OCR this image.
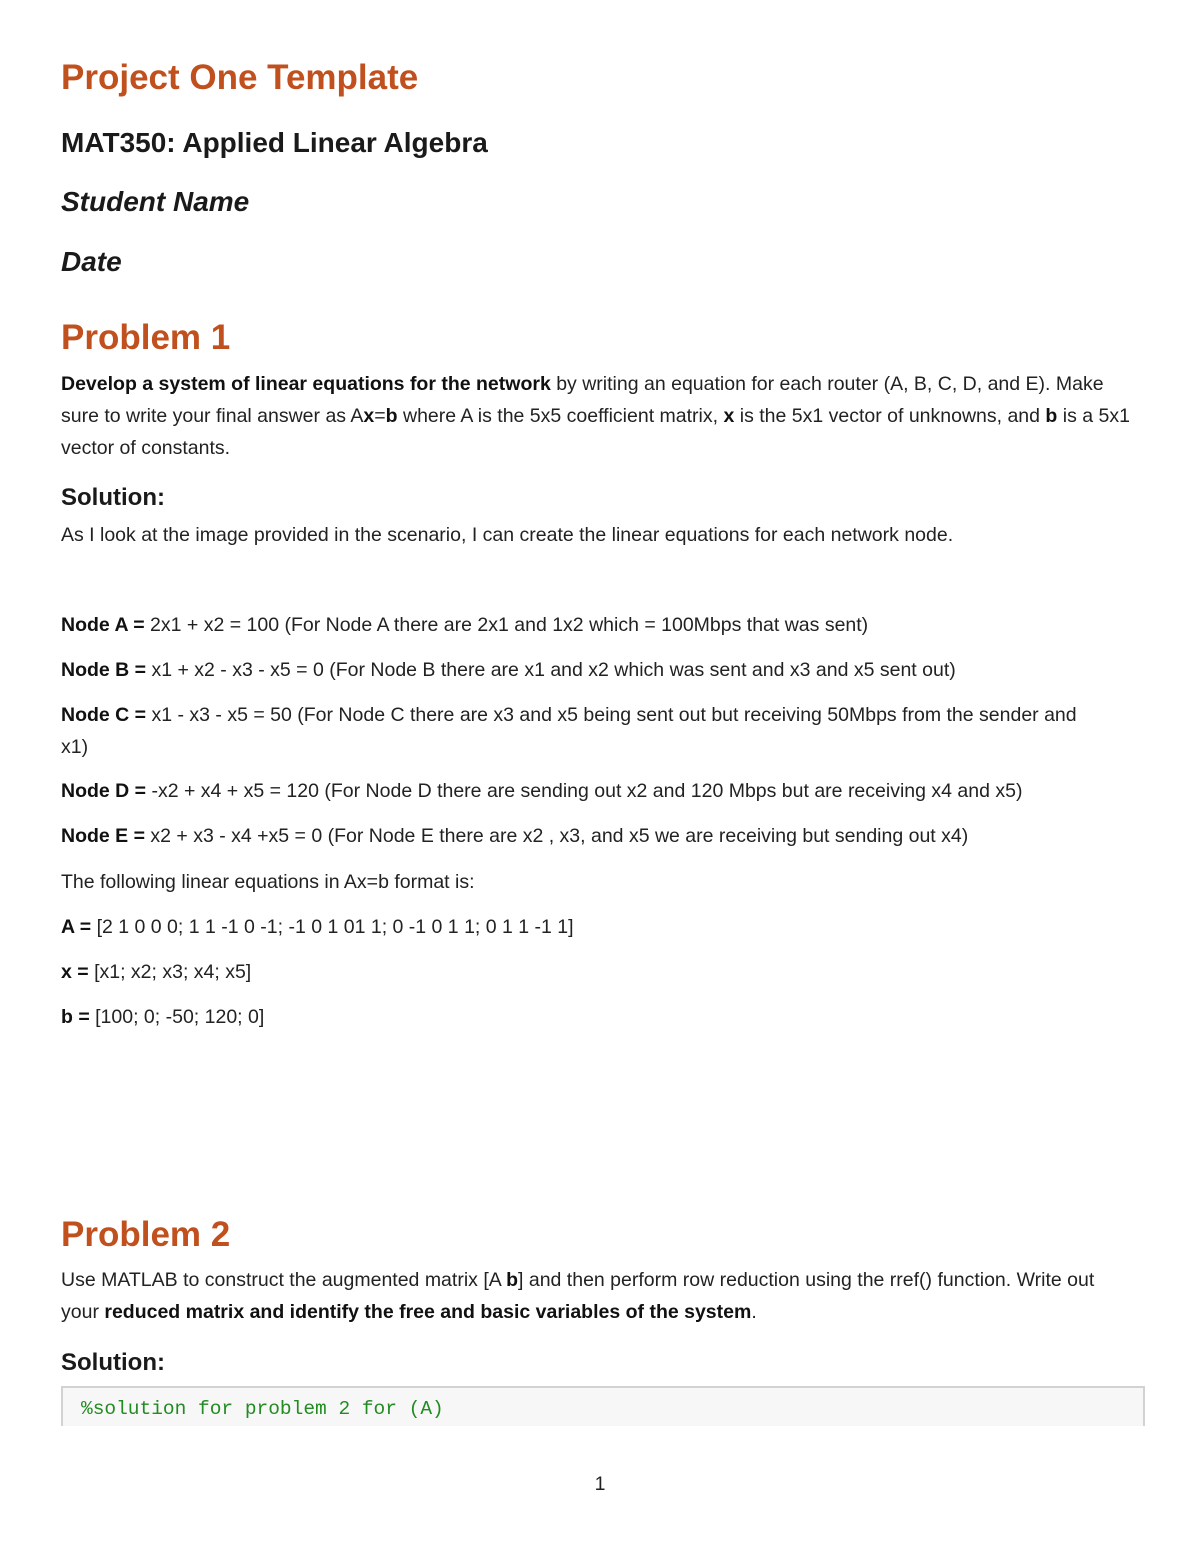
Project One Template
MAT350: Applied Linear Algebra
Student Name
Date
Problem 1
Develop a system of linear equations for the network by writing an equation for each router (A, B, C, D, and E). Make sure to write your final answer as Ax=b where A is the 5x5 coefficient matrix, x is the 5x1 vector of unknowns, and b is a 5x1 vector of constants.
Solution:
As I look at the image provided in the scenario, I can create the linear equations for each network node.
Node A = 2x1 + x2 = 100 (For Node A there are 2x1 and 1x2 which = 100Mbps that was sent)
Node B = x1 + x2 - x3 - x5 = 0 (For Node B there are x1 and x2 which was sent and x3 and x5 sent out)
Node C = x1 - x3 - x5 = 50 (For Node C there are x3 and x5 being sent out but receiving 50Mbps from the sender and x1)
Node D = -x2 + x4 + x5 = 120 (For Node D there are sending out x2 and 120 Mbps but are receiving x4 and x5)
Node E = x2 + x3 - x4 +x5 = 0 (For Node E there are x2 , x3, and x5 we are receiving but sending out x4)
The following linear equations in Ax=b format is:
A = [2 1 0 0 0; 1 1 -1 0 -1; -1 0 1 01 1; 0 -1 0 1 1; 0 1 1 -1 1]
x = [x1; x2; x3; x4; x5]
b = [100; 0; -50; 120; 0]
Problem 2
Use MATLAB to construct the augmented matrix [A b] and then perform row reduction using the rref() function. Write out your reduced matrix and identify the free and basic variables of the system.
Solution:
%solution for problem 2 for (A)
1
